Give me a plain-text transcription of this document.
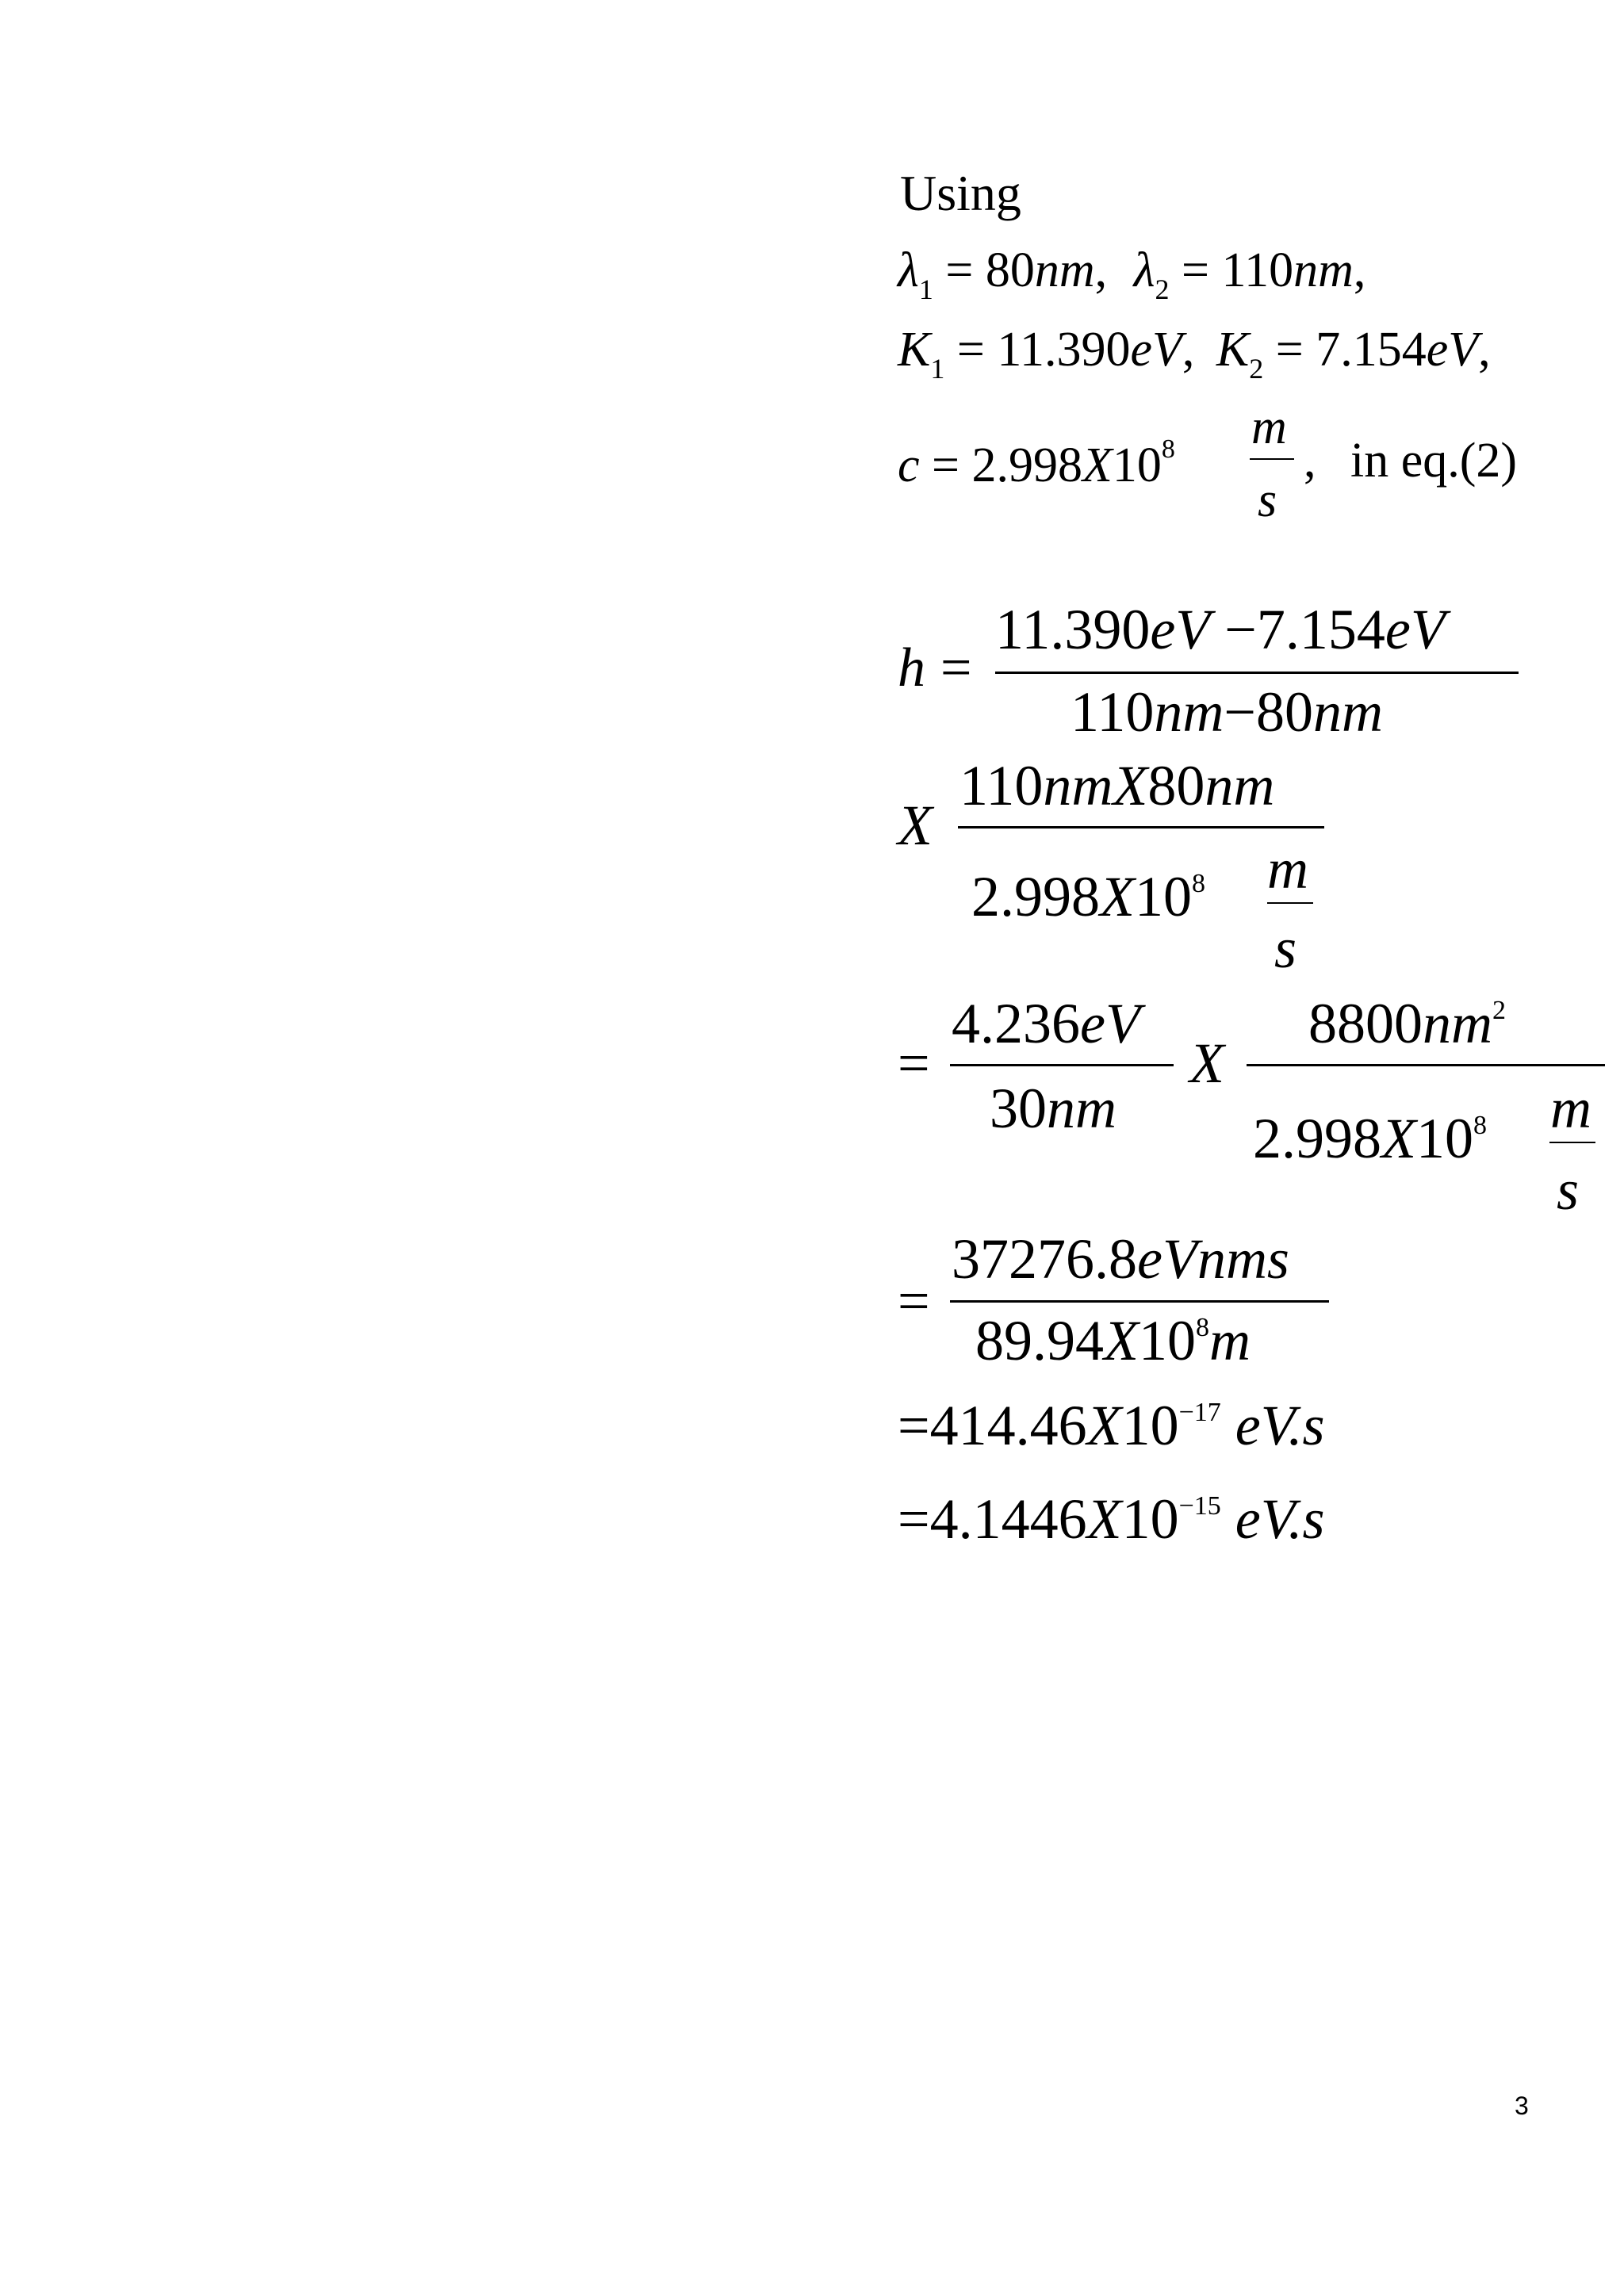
Using
$\lambda_1 = 80nm$, $\lambda_2 = 110nm$,
$K_1 = 11.390eV$, $K_2 = 7.154eV$,
$c = 2.998X10^8$ m
s
, in eq.(2)
h =
11.390eV −7.154eV
110nm−80nm
X
110nmX80nm
$2.998X10^8$ m
s
=
4.236eV
30nm
X
$8800nm^2$
$2.998X10^8$ m
s
=
37276.8eVnms
$89.94X10^8m$
$=414.46X10^{-17}$ eV.s
$=4.1446X10^{-15}$ eV.s
3
